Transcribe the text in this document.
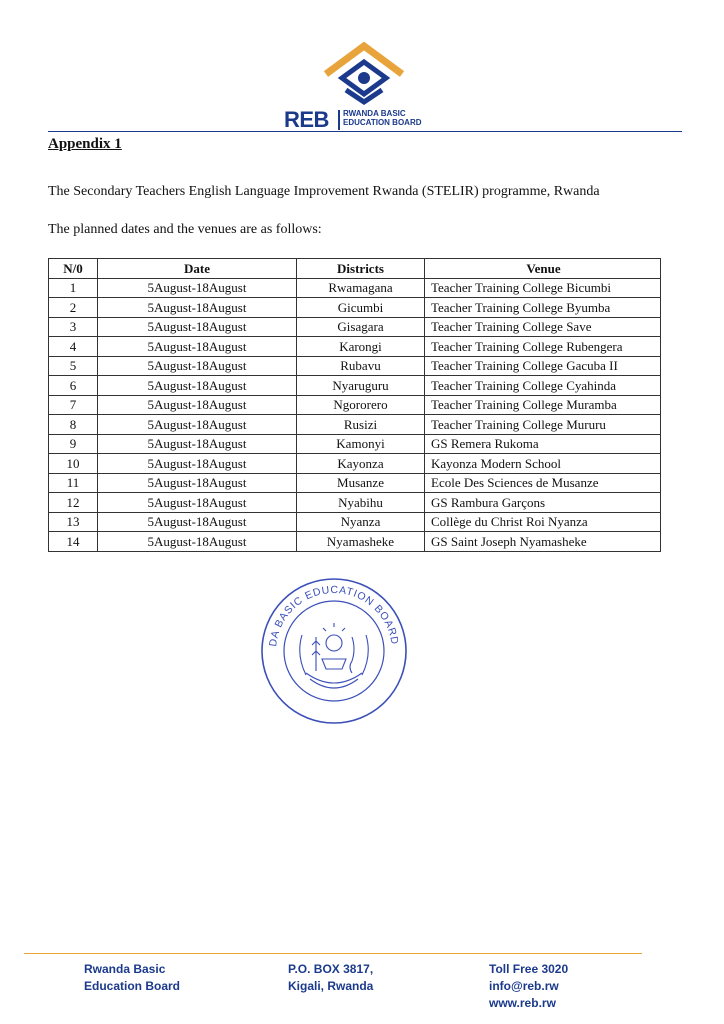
REB RWANDA BASIC
EDUCATION BOARD
Appendix 1
The Secondary Teachers English Language Improvement Rwanda (STELIR) programme, Rwanda
The planned dates and the venues are as follows:
N/0	Date	Districts	Venue
1	5August-18August	Rwamagana	Teacher Training College Bicumbi
2	5August-18August	Gicumbi	Teacher Training College Byumba
3	5August-18August	Gisagara	Teacher Training College Save
4	5August-18August	Karongi	Teacher Training College Rubengera
5	5August-18August	Rubavu	Teacher Training College Gacuba II
6	5August-18August	Nyaruguru	Teacher Training College Cyahinda
7	5August-18August	Ngororero	Teacher Training College Muramba
8	5August-18August	Rusizi	Teacher Training College Mururu
9	5August-18August	Kamonyi	GS Remera Rukoma
10	5August-18August	Kayonza	Kayonza Modern School
11	5August-18August	Musanze	Ecole Des Sciences de Musanze
12	5August-18August	Nyabihu	GS Rambura Garçons
13	5August-18August	Nyanza	Collège du Christ Roi Nyanza
14	5August-18August	Nyamasheke	GS Saint Joseph Nyamasheke
DA BASIC EDUCATION BOARD
Rwanda Basic
Education Board
P.O. BOX 3817,
Kigali, Rwanda
Toll Free 3020
info@reb.rw
www.reb.rw
